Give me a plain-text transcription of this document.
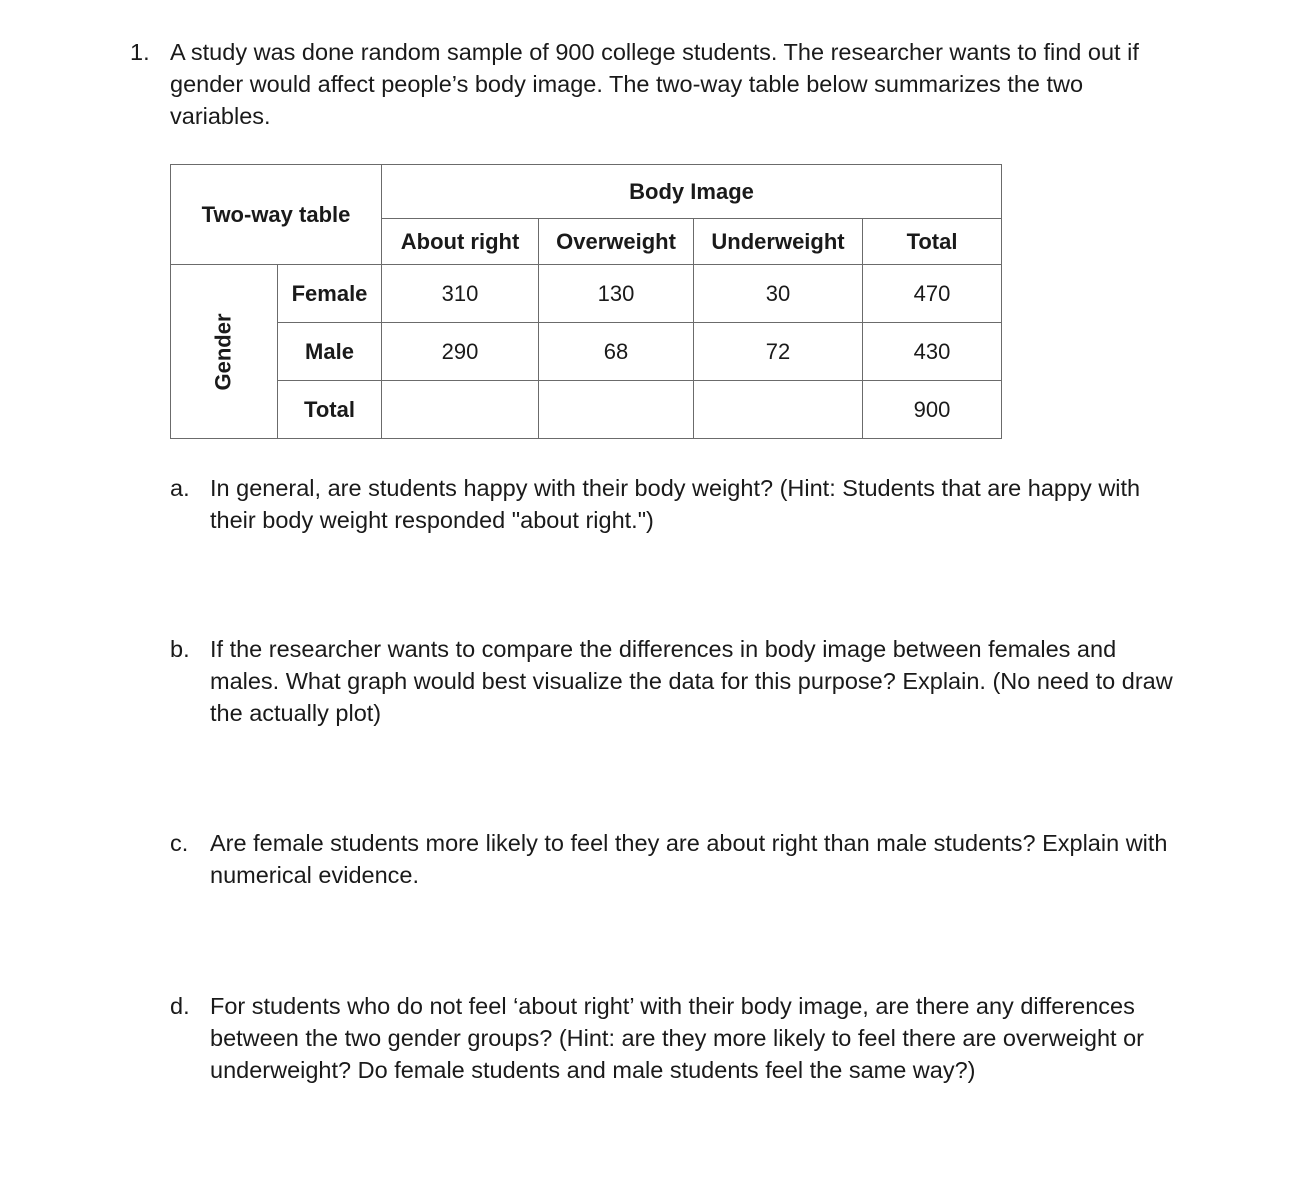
1. A study was done random sample of 900 college students. The researcher wants to find out if gender would affect people’s body image. The two-way table below summarizes the two variables.
Two-way table		Body Image			
		About right	Overweight	Underweight	Total
Gender	Female	310	130	30	470
	Male	290	68	72	430
	Total				900
a. In general, are students happy with their body weight? (Hint: Students that are happy with their body weight responded "about right.")
b. If the researcher wants to compare the differences in body image between females and males. What graph would best visualize the data for this purpose? Explain. (No need to draw the actually plot)
c. Are female students more likely to feel they are about right than male students? Explain with numerical evidence.
d. For students who do not feel ‘about right’ with their body image, are there any differences between the two gender groups? (Hint: are they more likely to feel there are overweight or underweight? Do female students and male students feel the same way?)
